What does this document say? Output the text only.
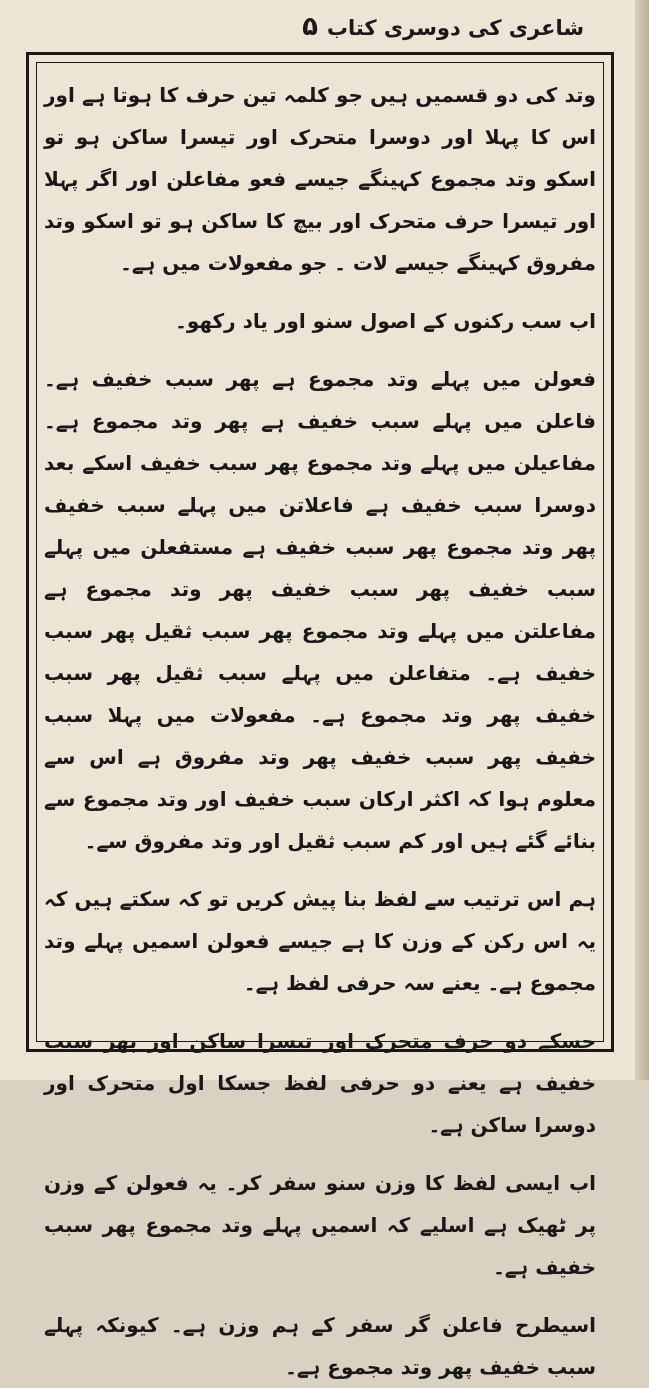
شاعری کی دوسری کتاب
۵

وتد کی دو قسمیں ہیں جو کلمہ تین حرف کا ہوتا ہے اور اس کا پہلا اور دوسرا متحرک اور تیسرا ساکن ہو تو اسکو وتد مجموع کہینگے جیسے فعو مفاعلن اور اگر پہلا اور تیسرا حرف متحرک اور بیچ کا ساکن ہو تو اسکو وتد مفروق کہینگے جیسے لات ۔ جو مفعولات میں ہے۔

اب سب رکنوں کے اصول سنو اور یاد رکھو۔

فعولن میں پہلے وتد مجموع ہے پھر سبب خفیف ہے۔ فاعلن میں پہلے سبب خفیف ہے پھر وتد مجموع ہے۔ مفاعیلن میں پہلے وتد مجموع پھر سبب خفیف اسکے بعد دوسرا سبب خفیف ہے فاعلاتن میں پہلے سبب خفیف پھر وتد مجموع پھر سبب خفیف ہے مستفعلن میں پہلے سبب خفیف پھر سبب خفیف پھر وتد مجموع ہے مفاعلتن میں پہلے وتد مجموع پھر سبب ثقیل پھر سبب خفیف ہے۔ متفاعلن میں پہلے سبب ثقیل پھر سبب خفیف پھر وتد مجموع ہے۔ مفعولات میں پہلا سبب خفیف پھر سبب خفیف پھر وتد مفروق ہے اس سے معلوم ہوا کہ اکثر ارکان سبب خفیف اور وتد مجموع سے بنائے گئے ہیں اور کم سبب ثقیل اور وتد مفروق سے۔

ہم اس ترتیب سے لفظ بنا پیش کریں تو کہ سکتے ہیں کہ یہ اس رکن کے وزن کا ہے جیسے فعولن اسمیں پہلے وتد مجموع ہے۔ یعنے سہ حرفی لفظ ہے۔

جسکے دو حرف متحرک اور تیسرا ساکن اور پھر سبب خفیف ہے یعنے دو حرفی لفظ جسکا اول متحرک اور دوسرا ساکن ہے۔

اب ایسی لفظ کا وزن سنو سفر کر۔ یہ فعولن کے وزن پر ٹھیک ہے اسلیے کہ اسمیں پہلے وتد مجموع پھر سبب خفیف ہے۔

اسیطرح فاعلن گر سفر کے ہم وزن ہے۔ کیونکہ پہلے سبب خفیف پھر وتد مجموع ہے۔
